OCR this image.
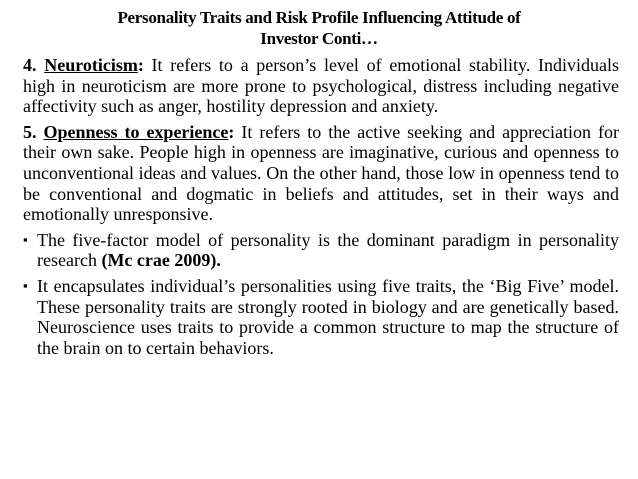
Personality Traits and Risk Profile Influencing Attitude of
Investor Conti…

4. Neuroticism: It refers to a person’s level of emotional stability. Individuals high in neuroticism are more prone to psychological, distress including negative affectivity such as anger, hostility depression and anxiety.

5. Openness to experience: It refers to the active seeking and appreciation for their own sake. People high in openness are imaginative, curious and openness to unconventional ideas and values. On the other hand, those low in openness tend to be conventional and dogmatic in beliefs and attitudes, set in their ways and emotionally unresponsive.

▪ The five-factor model of personality is the dominant paradigm in personality research (Mc crae 2009).
▪ It encapsulates individual’s personalities using five traits, the ‘Big Five’ model. These personality traits are strongly rooted in biology and are genetically based. Neuroscience uses traits to provide a common structure to map the structure of the brain on to certain behaviors.
